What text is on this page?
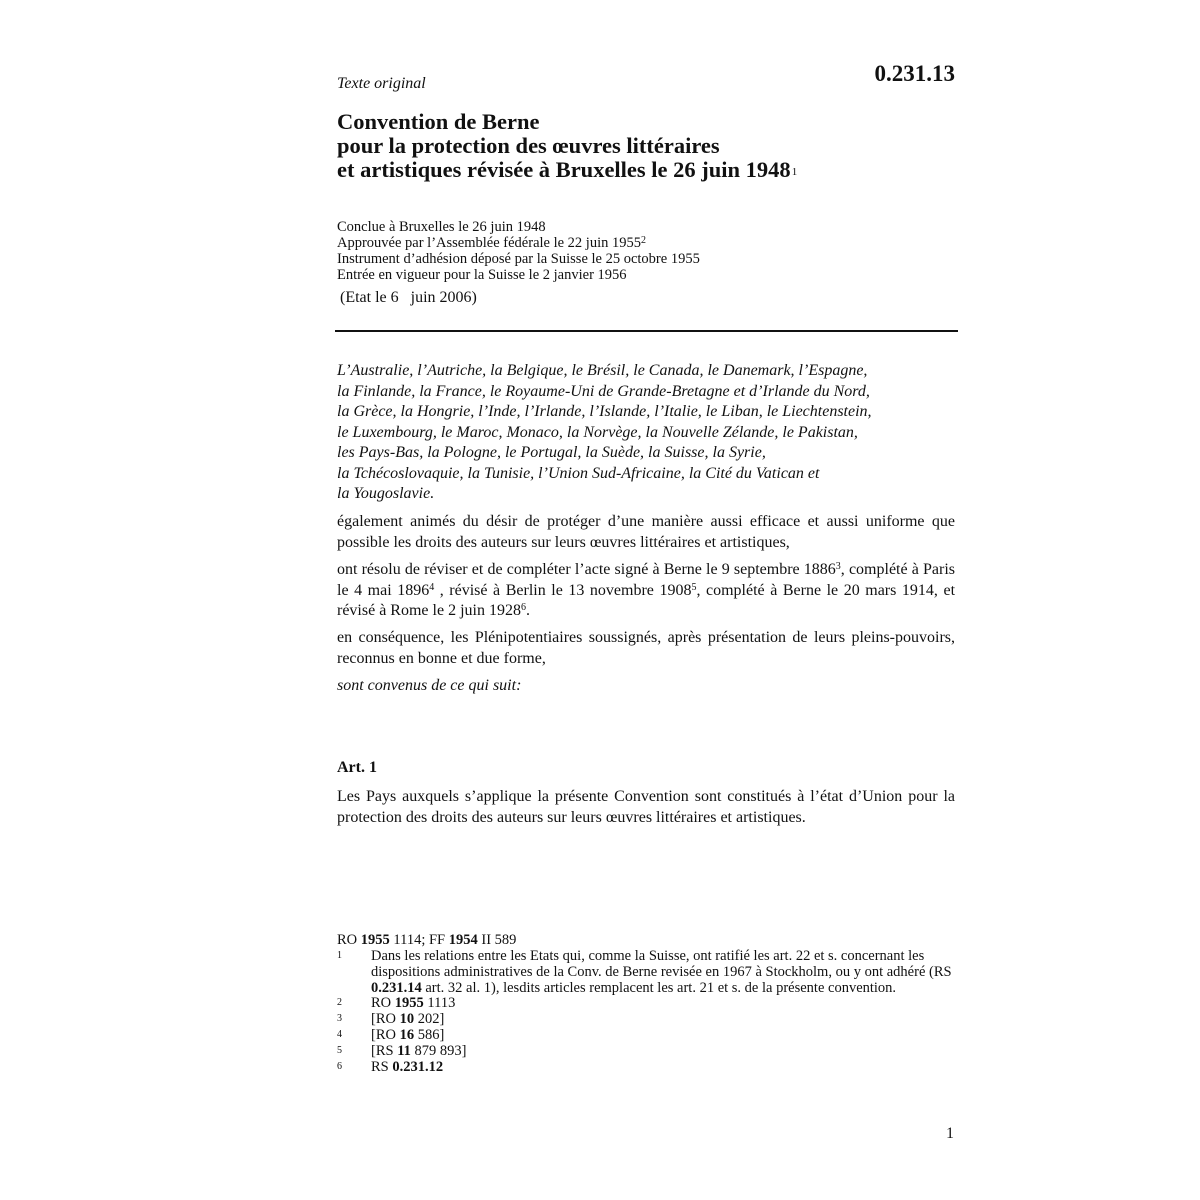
Texte original	0.231.13
Convention de Berne
pour la protection des œuvres littéraires
et artistiques révisée à Bruxelles le 26 juin 1948$^1$
Conclue à Bruxelles le 26 juin 1948
Approuvée par l’Assemblée fédérale le 22 juin 1955$^2$
Instrument d’adhésion déposé par la Suisse le 25 octobre 1955
Entrée en vigueur pour la Suisse le 2 janvier 1956
(Etat le 6   juin 2006)
L’Australie, l’Autriche, la Belgique, le Brésil, le Canada, le Danemark, l’Espagne,
la Finlande, la France, le Royaume-Uni de Grande-Bretagne et d’Irlande du Nord,
la Grèce, la Hongrie, l’Inde, l’Irlande, l’Islande, l’Italie, le Liban, le Liechtenstein,
le Luxembourg, le Maroc, Monaco, la Norvège, la Nouvelle Zélande, le Pakistan,
les Pays-Bas, la Pologne, le Portugal, la Suède, la Suisse, la Syrie,
la Tchécoslovaquie, la Tunisie, l’Union Sud-Africaine, la Cité du Vatican et
la Yougoslavie.

également animés du désir de protéger d’une manière aussi efficace et aussi uniforme que possible les droits des auteurs sur leurs œuvres littéraires et artistiques,

ont résolu de réviser et de compléter l’acte signé à Berne le 9 septembre 1886$^3$, complété à Paris le 4 mai 1896$^4$ , révisé à Berlin le 13 novembre 1908$^5$, complété à Berne le 20 mars 1914, et révisé à Rome le 2 juin 1928$^6$.

en conséquence, les Plénipotentiaires soussignés, après présentation de leurs pleins-pouvoirs, reconnus en bonne et due forme,

sont convenus de ce qui suit:

Art. 1

Les Pays auxquels s’applique la présente Convention sont constitués à l’état d’Union pour la protection des droits des auteurs sur leurs œuvres littéraires et artistiques.

RO 1955 1114; FF 1954 II 589
1 Dans les relations entre les Etats qui, comme la Suisse, ont ratifié les art. 22 et s. concernant les dispositions administratives de la Conv. de Berne revisée en 1967 à Stockholm, ou y ont adhéré (RS 0.231.14 art. 32 al. 1), lesdits articles remplacent les art. 21 et s. de la présente convention.
2 RO 1955 1113
3 [RO 10 202]
4 [RO 16 586]
5 [RS 11 879 893]
6 RS 0.231.12
1
